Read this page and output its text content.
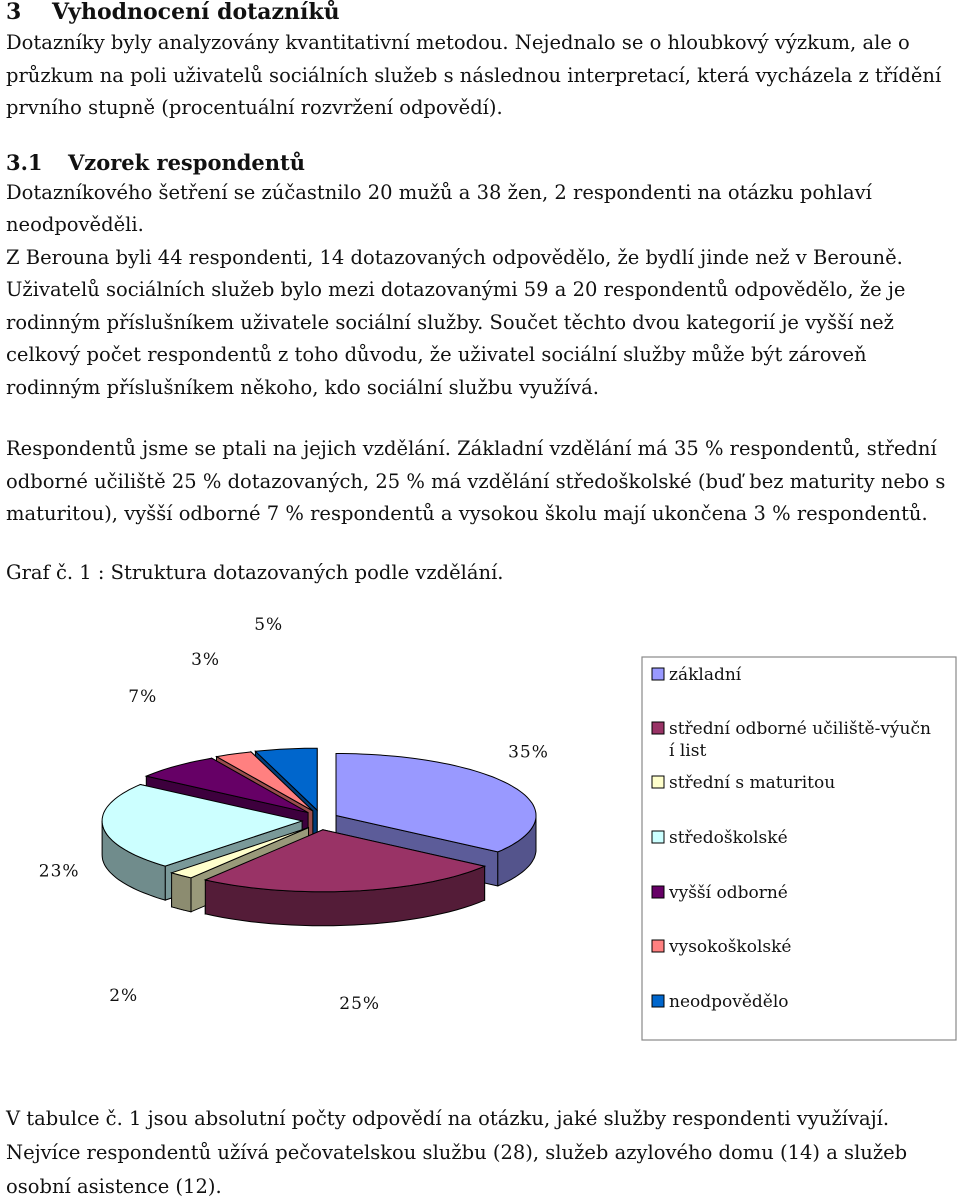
3 Vyhodnocení dotazníků

Dotazníky byly analyzovány kvantitativní metodou. Nejednalo se o hloubkový výzkum, ale o průzkum na poli uživatelů sociálních služeb s následnou interpretací, která vycházela z třídění prvního stupně (procentuální rozvržení odpovědí).

3.1 Vzorek respondentů

Dotazníkového šetření se zúčastnilo 20 mužů a 38 žen, 2 respondenti na otázku pohlaví neodpověděli.

Z Berouna byli 44 respondenti, 14 dotazovaných odpovědělo, že bydlí jinde než v Berouně.

Uživatelů sociálních služeb bylo mezi dotazovanými 59 a 20 respondentů odpovědělo, že je rodinným příslušníkem uživatele sociální služby. Součet těchto dvou kategorií je vyšší než celkový počet respondentů z toho důvodu, že uživatel sociální služby může být zároveň rodinným příslušníkem někoho, kdo sociální službu využívá.

Respondentů jsme se ptali na jejich vzdělání. Základní vzdělání má 35 % respondentů, střední odborné učiliště 25 % dotazovaných, 25 % má vzdělání středoškolské (buď bez maturity nebo s maturitou), vyšší odborné 7 % respondentů a vysokou školu mají ukončena 3 % respondentů.

Graf č. 1 : Struktura dotazovaných podle vzdělání.

35%
25%
2%
23%
7%
3%
5%
základní
střední odborné učiliště-výučn í list
střední s maturitou
středoškolské
vyšší odborné
vysokoškolské
neodpovědělo

V tabulce č. 1 jsou absolutní počty odpovědí na otázku, jaké služby respondenti využívají. Nejvíce respondentů užívá pečovatelskou službu (28), služeb azylového domu (14) a služeb osobní asistence (12).
